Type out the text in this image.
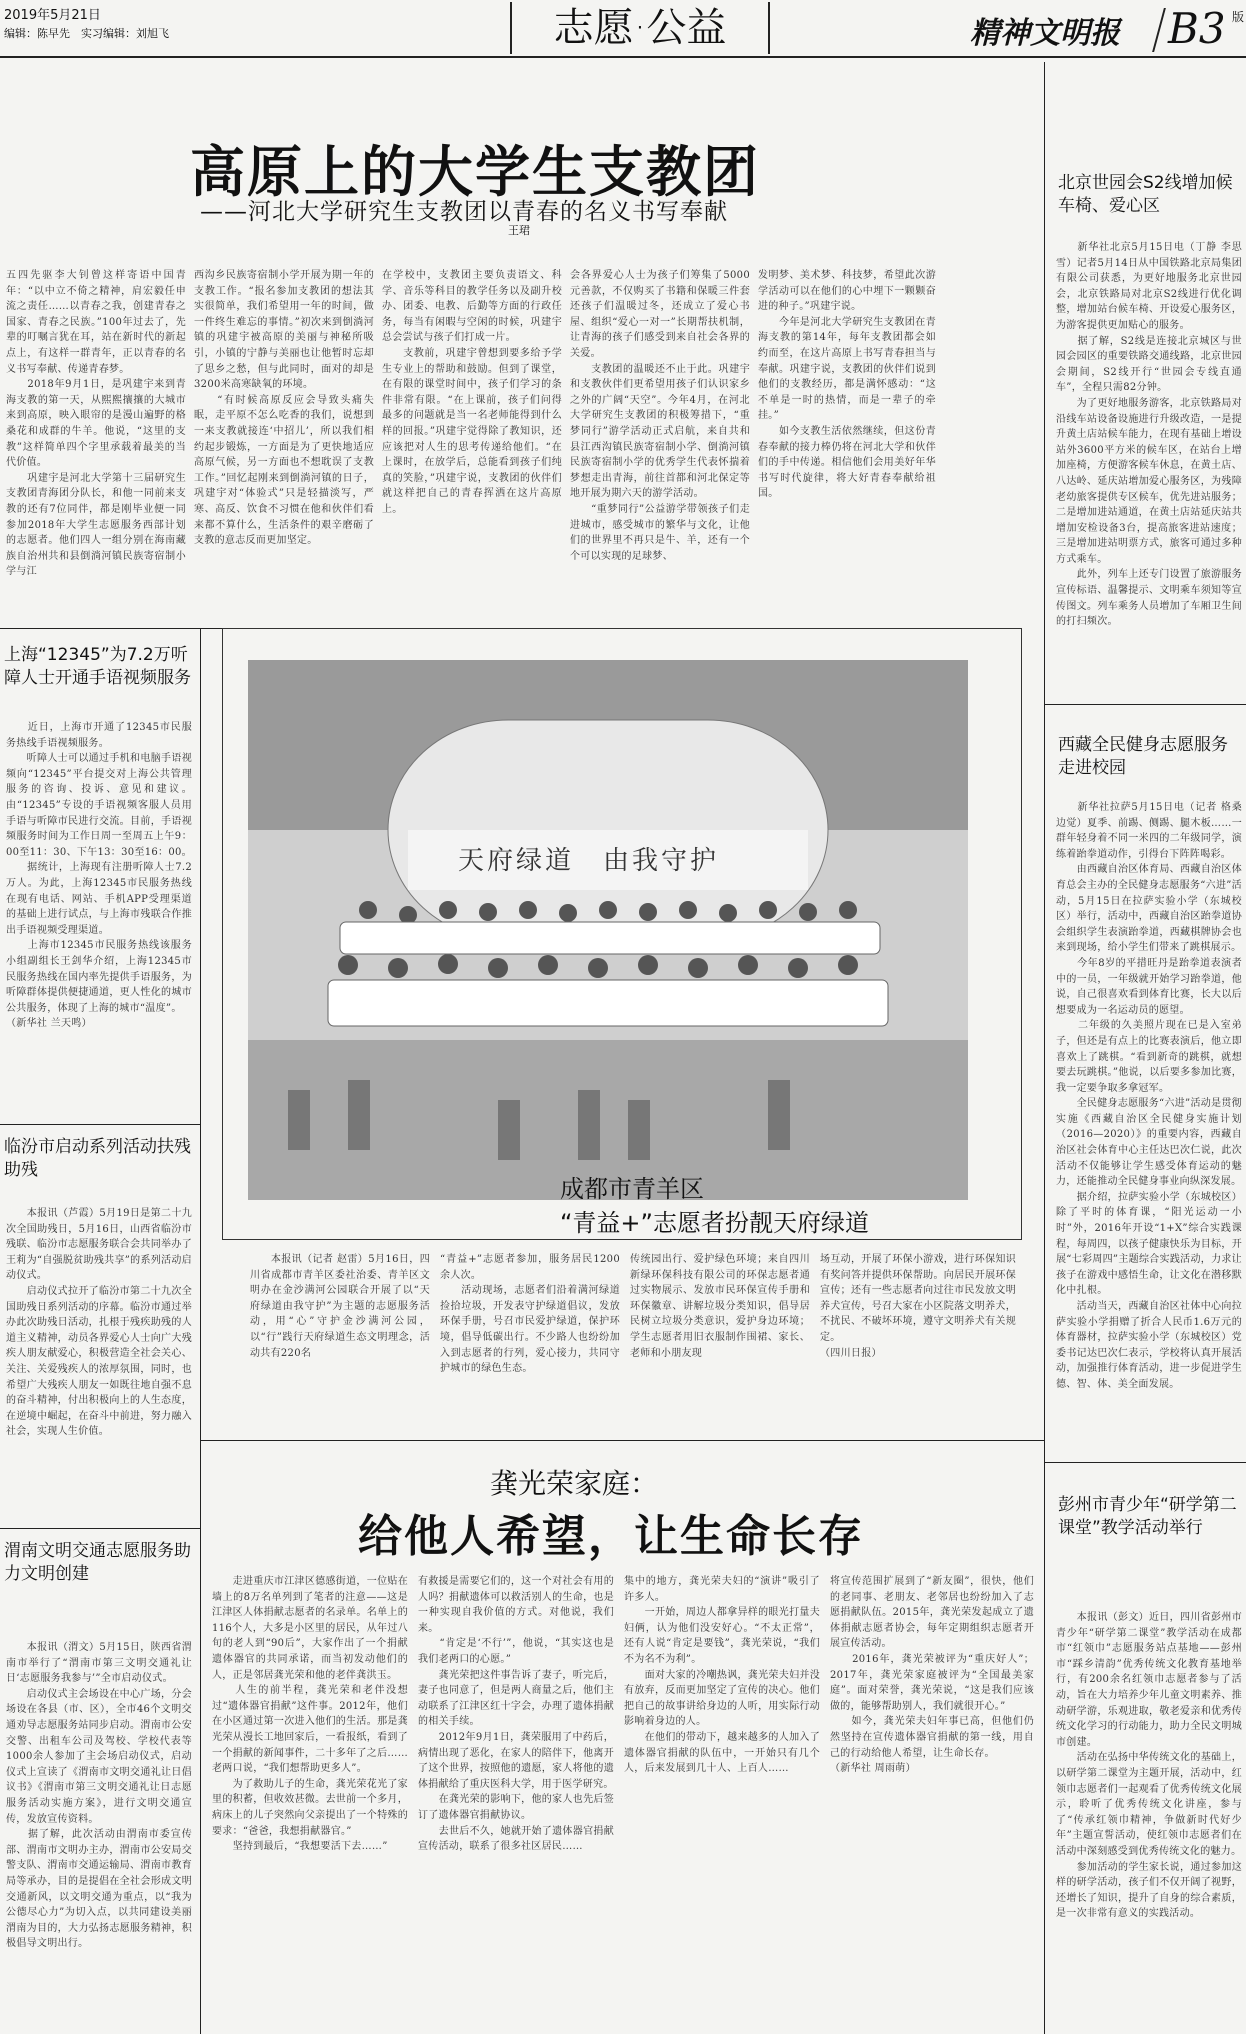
2019年5月21日
编辑：陈早先　实习编辑：刘旭飞	志愿·公益	精神文明报 B3 版
高原上的大学生支教团
——河北大学研究生支教团以青春的名义书写奉献
王珺
五四先驱李大钊曾这样寄语中国青年：“以中立不倚之精神，肩宏毅任申流之责任……以青春之我，创建青春之国家、青春之民族。”100年过去了，先辈的叮嘱言犹在耳，站在新时代的新起点上，有这样一群青年，正以青春的名义书写奉献、传递青春梦。
　　2018年9月1日，是巩建宇来到青海支教的第一天，从熙熙攘攘的大城市来到高原，映入眼帘的是漫山遍野的格桑花和成群的牛羊。他说，“这里的支教”这样简单四个字里承载着最美的当代价值。
　　巩建宇是河北大学第十三届研究生支教团青海团分队长，和他一同前来支教的还有7位同伴，都是刚毕业便一同参加2018年大学生志愿服务西部计划的志愿者。他们四人一组分别在海南藏族自治州共和县倒淌河镇民族寄宿制小学与江
西沟乡民族寄宿制小学开展为期一年的支教工作。“报名参加支教团的想法其实很简单，我们希望用一年的时间，做一件终生难忘的事情。”初次来到倒淌河镇的巩建宇被高原的美丽与神秘所吸引，小镇的宁静与美丽也让他暂时忘却了思乡之愁，但与此同时，面对的却是3200米高寒缺氧的环境。
　　“有时候高原反应会导致头痛失眠，走平原不怎么吃香的我们，说想到一来支教就接连‘中招儿’，所以我们相约起步锻炼，一方面是为了更快地适应高原气候，另一方面也不想耽误了支教工作。”回忆起刚来到倒淌河镇的日子，巩建宇对“体验式”只是轻描淡写，严寒、高反、饮食不习惯在他和伙伴们看来都不算什么，生活条件的艰辛磨砺了支教的意志反而更加坚定。
在学校中，支教团主要负责语文、科学、音乐等科目的教学任务以及副升校办、团委、电教、后勤等方面的行政任务，每当有闲暇与空闲的时候，巩建宇总会尝试与孩子们打成一片。
　　支教前，巩建宇曾想到要多给予学生专业上的帮助和鼓励。但到了课堂，在有限的课堂时间中，孩子们学习的条件非常有限。“在上课前，孩子们问得最多的问题就是当一名老师能得到什么样的回报。”巩建宇觉得除了教知识，还应该把对人生的思考传递给他们。“在上课时，在放学后，总能看到孩子们纯真的笑脸，”巩建宇说，支教团的伙伴们就这样把自己的青春挥洒在这片高原上。
会各界爱心人士为孩子们筹集了5000元善款，不仅购买了书籍和保暖三件套还孩子们温暖过冬，还成立了爱心书屋、组织“爱心一对一”长期帮扶机制，让青海的孩子们感受到来自社会各界的关爱。
　　支教团的温暖还不止于此。巩建宇和支教伙伴们更希望用孩子们认识家乡之外的广阔“天空”。今年4月，在河北大学研究生支教团的积极筹措下，“重梦同行”游学活动正式启航，来自共和县江西沟镇民族寄宿制小学、倒淌河镇民族寄宿制小学的优秀学生代表怀揣着梦想走出青海，前往首都和河北保定等地开展为期六天的游学活动。
　　“重梦同行”公益游学带领孩子们走进城市，感受城市的繁华与文化，让他们的世界里不再只是牛、羊，还有一个个可以实现的足球梦、
发明梦、美术梦、科技梦，希望此次游学活动可以在他们的心中埋下一颗颗奋进的种子。”巩建宇说。
　　今年是河北大学研究生支教团在青海支教的第14年，每年支教团都会如约而至，在这片高原上书写青春担当与奉献。巩建宇说，支教团的伙伴们说到他们的支教经历，都是满怀感动：“这不单是一时的热情，而是一辈子的牵挂。”
　　如今支教生活依然继续，但这份青春奉献的接力棒仍将在河北大学和伙伴们的手中传递。相信他们会用美好年华书写时代旋律，将大好青春奉献给祖国。
上海“12345”为7.2万听障人士开通手语视频服务
　　近日，上海市开通了12345市民服务热线手语视频服务。
　　听障人士可以通过手机和电脑手语视频向“12345”平台提交对上海公共管理服务的咨询、投诉、意见和建议。由“12345”专设的手语视频客服人员用手语与听障市民进行交流。目前，手语视频服务时间为工作日周一至周五上午9：00至11：30、下午13：30至16：00。
　　据统计，上海现有注册听障人士7.2万人。为此，上海12345市民服务热线在现有电话、网站、手机APP受理渠道的基础上进行试点，与上海市残联合作推出手语视频受理渠道。
　　上海市12345市民服务热线该服务小组副组长王剑华介绍，上海12345市民服务热线在国内率先提供手语服务，为听障群体提供便捷通道，更人性化的城市公共服务，体现了上海的城市“温度”。
（新华社 兰天鸣）
临汾市启动系列活动扶残助残
　　本报讯（芦霞）5月19日是第二十九次全国助残日，5月16日，山西省临汾市残联、临汾市志愿服务联合会共同举办了王莉为“自强脱贫助残共享”的系列活动启动仪式。
　　启动仪式拉开了临汾市第二十九次全国助残日系列活动的序幕。临汾市通过举办此次助残日活动，扎根于残疾助残的人道主义精神，动员各界爱心人士向广大残疾人朋友献爱心，积极营造全社会关心、关注、关爱残疾人的浓厚氛围，同时，也希望广大残疾人朋友一如既往地自强不息的奋斗精神，付出积极向上的人生态度，在逆境中崛起，在奋斗中前进，努力融入社会，实现人生价值。
渭南文明交通志愿服务助力文明创建
　　本报讯（渭文）5月15日，陕西省渭南市举行了“渭南市第三文明交通礼让日‘志愿服务我参与’”全市启动仪式。
　　启动仪式主会场设在中心广场，分会场设在各县（市、区），全市46个文明交通劝导志愿服务站同步启动。渭南市公安交警、出租车公司及驾校、学校代表等1000余人参加了主会场启动仪式，启动仪式上宣读了《渭南市文明交通礼让日倡议书》《渭南市第三文明交通礼让日志愿服务活动实施方案》，进行文明交通宣传，发放宣传资料。
　　据了解，此次活动由渭南市委宣传部、渭南市文明办主办，渭南市公安局交警支队、渭南市交通运输局、渭南市教育局等承办，目的是提倡在全社会形成文明交通新风，以文明交通为重点，以“我为公德尽心力”为切入点，以共同建设美丽渭南为目的，大力弘扬志愿服务精神，积极倡导文明出行。
北京世园会S2线增加候车椅、爱心区
　　新华社北京5月15日电（丁静 李思雪）记者5月14日从中国铁路北京局集团有限公司获悉，为更好地服务北京世园会，北京铁路局对北京S2线进行优化调整，增加站台候车椅、开设爱心服务区，为游客提供更加贴心的服务。
　　据了解，S2线是连接北京城区与世园会园区的重要铁路交通线路，北京世园会期间，S2线开行“世园会专线直通车”，全程只需82分钟。
　　为了更好地服务游客，北京铁路局对沿线车站设备设施进行升级改造，一是提升黄土店站候车能力，在现有基础上增设站外3600平方米的候车区，在站台上增加座椅，方便游客候车休息，在黄土店、八达岭、延庆站增加爱心服务区，为残障老幼旅客提供专区候车，优先进站服务；二是增加进站通道，在黄土店站延庆站共增加安检设备3台，提高旅客进站速度；三是增加进站明票方式，旅客可通过多种方式乘车。
　　此外，列车上还专门设置了旅游服务宣传标语、温馨提示、文明乘车须知等宣传图文。列车乘务人员增加了车厢卫生间的打扫频次。
西藏全民健身志愿服务走进校园
　　新华社拉萨5月15日电（记者 格桑边觉）夏季、前踢、侧踢、腿木板……一群年轻身着不同一米四的二年级同学，演练着跆拳道动作，引得台下阵阵喝彩。
　　由西藏自治区体育局、西藏自治区体育总会主办的全民健身志愿服务“六进”活动，5月15日在拉萨实验小学（东城校区）举行，活动中，西藏自治区跆拳道协会组织学生表演跆拳道，西藏棋牌协会也来到现场，给小学生们带来了跳棋展示。
　　今年8岁的平措旺丹是跆拳道表演者中的一员，一年级就开始学习跆拳道，他说，自己很喜欢看到体育比赛，长大以后想要成为一名运动员的愿望。
　　二年级的久美照片现在已是入室弟子，但还是有点上的比赛表演后，他立即喜欢上了跳棋。“看到新奇的跳棋，就想要去玩跳棋。”他说，以后要多参加比赛，我一定要争取多拿冠军。
　　全民健身志愿服务“六进”活动是贯彻实施《西藏自治区全民健身实施计划（2016—2020）》的重要内容，西藏自治区社会体育中心主任达巴次仁说，此次活动不仅能够让学生感受体育运动的魅力，还能推动全民健身事业向纵深发展。
　　据介绍，拉萨实验小学（东城校区）除了平时的体育课，“阳光运动一小时”外，2016年开设“1+X”综合实践课程，每周四，以孩子健康快乐为目标，开展“七彩周四”主题综合实践活动，力求让孩子在游戏中感悟生命，让文化在潜移默化中扎根。
　　活动当天，西藏自治区社体中心向拉萨实验小学捐赠了折合人民币1.6万元的体育器材，拉萨实验小学（东城校区）党委书记达巴次仁表示，学校将认真开展活动，加强推行体育活动，进一步促进学生德、智、体、美全面发展。
彭州市青少年“研学第二课堂”教学活动举行
　　本报讯（彭文）近日，四川省彭州市青少年“研学第二课堂”教学活动在成都市“红领巾”志愿服务站点基地——彭州市“踩乡清韵”优秀传统文化教育基地举行，有200余名红领巾志愿者参与了活动，旨在大力培养少年儿童文明素养、推动研学游，乐观进取，敬老爱亲和优秀传统文化学习的行动能力，助力全民文明城市创建。
　　活动在弘扬中华传统文化的基础上，以研学第二课堂为主题开展，活动中，红领巾志愿者们一起观看了优秀传统文化展示，聆听了优秀传统文化讲座，参与了“传承红领巾精神，争做新时代好少年”主题宣誓活动，使红领巾志愿者们在活动中深刻感受到优秀传统文化的魅力。
　　参加活动的学生家长说，通过参加这样的研学活动，孩子们不仅开阔了视野，还增长了知识，提升了自身的综合素质，是一次非常有意义的实践活动。
天府绿道　由我守护
成都市青羊区
“青益+”志愿者扮靓天府绿道
　　本报讯（记者 赵雷）5月16日，四川省成都市青羊区委社治委、青羊区文明办在金沙满河公园联合开展了以“天府绿道由我守护”为主题的志愿服务活动，用“心”守护金沙满河公园，以“行”践行天府绿道生态文明理念，活动共有220名
“青益+”志愿者参加，服务居民1200余人次。
　　活动现场，志愿者们沿着满河绿道捡拾垃圾，开发表守护绿道倡议，发放环保手册，号召市民爱护绿道，保护环境，倡导低碳出行。不少路人也纷纷加入到志愿者的行列，爱心接力，共同守护城市的绿色生态。
传统园出行、爱护绿色环境；来自四川新绿环保科技有限公司的环保志愿者通过实物展示、发放市民环保宣传手册和环保徽章、讲解垃圾分类知识，倡导居民树立垃圾分类意识，爱护身边环境；学生志愿者用旧衣服制作围裙、家长、老师和小朋友现
场互动，开展了环保小游戏，进行环保知识有奖问答并提供环保帮助。向居民开展环保宣传；还有一些志愿者向过往市民发放文明养犬宣传，号召大家在小区院落文明养犬，不扰民、不破坏环境，遵守文明养犬有关规定。
（四川日报）
龚光荣家庭：
给他人希望，让生命长存
　　走进重庆市江津区德感街道，一位贴在墙上的8万名单列到了笔者的注意——这是江津区人体捐献志愿者的名录单。名单上的116个人，大多是小区里的居民，从年过八旬的老人到“90后”，大家作出了一个捐献遗体器官的共同承诺，而当初发动他们的人，正是邻居龚光荣和他的老伴龚洪玉。
　　人生的前半程，龚光荣和老伴没想过“遗体器官捐献”这件事。2012年，他们在小区通过第一次进入他们的生活。那是龚光荣从漫长工地回家后，一看报纸，看到了一个捐献的新闻事件，二十多年了之后……老两口说，“我们想帮助更多人”。
　　为了救助儿子的生命，龚光荣花光了家里的积蓄，但收效甚微。去世前一个多月，病床上的儿子突然向父亲提出了一个特殊的要求：“爸爸，我想捐献器官。”
　　坚持到最后，“我想要活下去……”
有救援是需要它们的，这一个对社会有用的人吗？捐献遗体可以救活别人的生命，也是一种实现自我价值的方式。对他说，我们来。
　　“肯定是‘不行’”，他说，“其实这也是我们老两口的心愿。”
　　龚光荣把这件事告诉了妻子，听完后，妻子也同意了，但是两人商量之后，他们主动联系了江津区红十字会，办理了遗体捐献的相关手续。
　　2012年9月1日，龚荣服用了中药后，病情出现了恶化，在家人的陪伴下，他离开了这个世界，按照他的遗愿，家人将他的遗体捐献给了重庆医科大学，用于医学研究。
　　在龚光荣的影响下，他的家人也先后签订了遗体器官捐献协议。
　　去世后不久，她就开始了遗体器官捐献宣传活动，联系了很多社区居民……
集中的地方，龚光荣夫妇的“演讲”吸引了许多人。
　　一开始，周边人都拿异样的眼光打量夫妇俩，认为他们没安好心。“不太正常”，还有人说“肯定是要钱”，龚光荣说，“我们不为名不为利”。
　　面对大家的冷嘲热讽，龚光荣夫妇并没有放弃，反而更加坚定了宣传的决心。他们把自己的故事讲给身边的人听，用实际行动影响着身边的人。
　　在他们的带动下，越来越多的人加入了遗体器官捐献的队伍中，一开始只有几个人，后来发展到几十人、上百人……
将宣传范围扩展到了“新友圈”，很快，他们的老同事、老朋友、老邻居也纷纷加入了志愿捐献队伍。2015年，龚光荣发起成立了遗体捐献志愿者协会，每年定期组织志愿者开展宣传活动。
　　2016年，龚光荣被评为“重庆好人”；2017年，龚光荣家庭被评为“全国最美家庭”。面对荣誉，龚光荣说，“这是我们应该做的，能够帮助别人，我们就很开心。”
　　如今，龚光荣夫妇年事已高，但他们仍然坚持在宣传遗体器官捐献的第一线，用自己的行动给他人希望，让生命长存。
（新华社 周雨萌）
